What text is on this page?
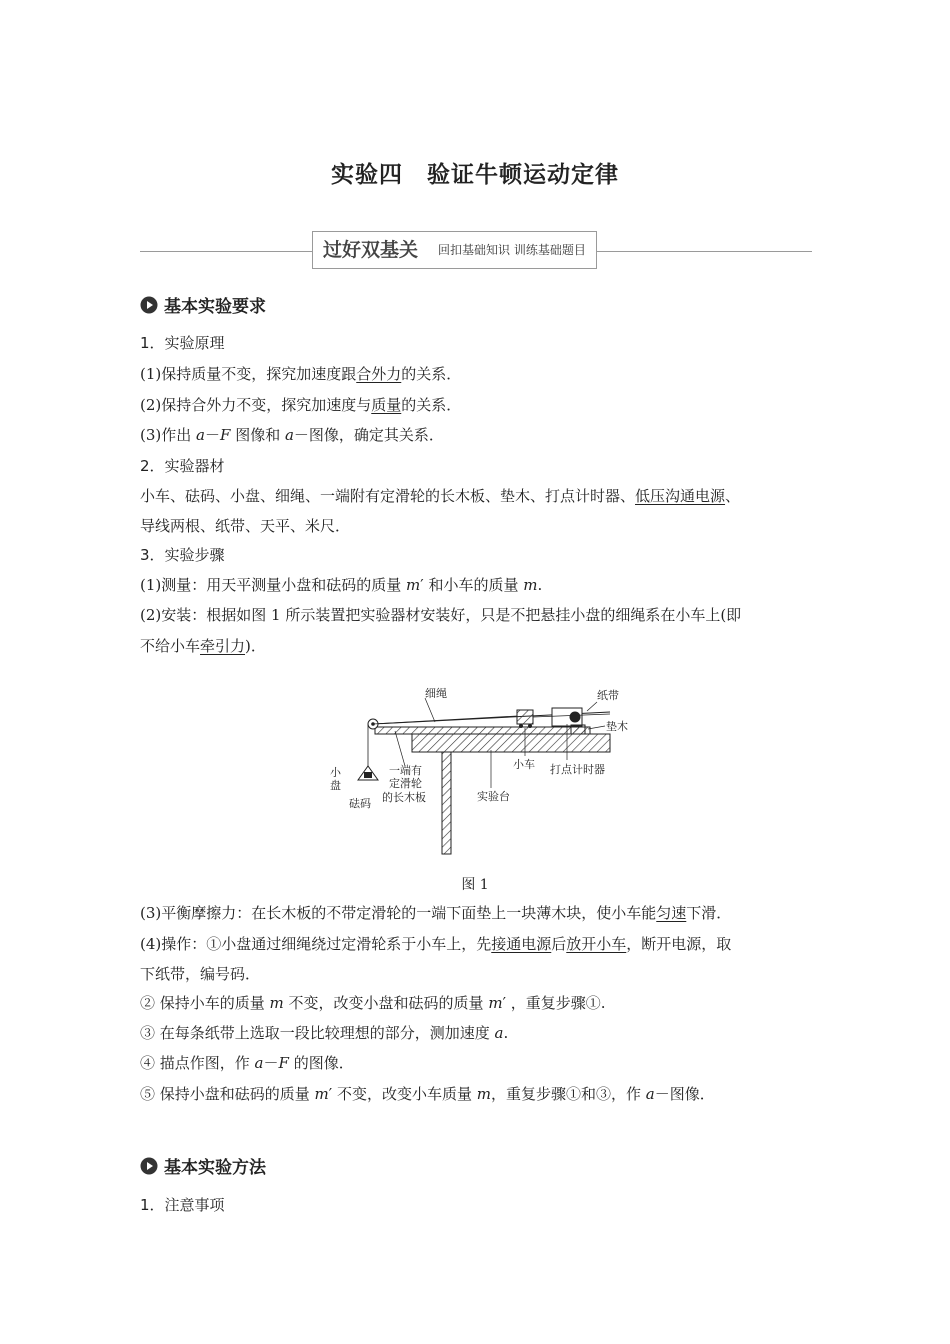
实验四　验证牛顿运动定律
过好双基关	回扣基础知识 训练基础题目
基本实验要求
1．实验原理
(1)保持质量不变，探究加速度跟合外力的关系．
(2)保持合外力不变，探究加速度与质量的关系．
(3)作出 a－F 图像和 a－图像，确定其关系．
2．实验器材
小车、砝码、小盘、细绳、一端附有定滑轮的长木板、垫木、打点计时器、低压沟通电源、
导线两根、纸带、天平、米尺．
3．实验步骤
(1)测量：用天平测量小盘和砝码的质量 m′ 和小车的质量 m.
(2)安装：根据如图 1 所示装置把实验器材安装好，只是不把悬挂小盘的细绳系在小车上(即
不给小车牵引力)．
细绳	纸带
垫木
小
盘
一端有
定滑轮
的长木板
砝码
小车 打点计时器
实验台
图 1
(3)平衡摩擦力：在长木板的不带定滑轮的一端下面垫上一块薄木块，使小车能匀速下滑．
(4)操作：①小盘通过细绳绕过定滑轮系于小车上，先接通电源后放开小车，断开电源，取
下纸带，编号码．
② 保持小车的质量 m 不变，改变小盘和砝码的质量 m′ ，重复步骤①.
③ 在每条纸带上选取一段比较理想的部分，测加速度 a.
④ 描点作图，作 a－F 的图像．
⑤ 保持小盘和砝码的质量 m′ 不变，改变小车质量 m，重复步骤①和③，作 a－图像．
基本实验方法
1．注意事项
